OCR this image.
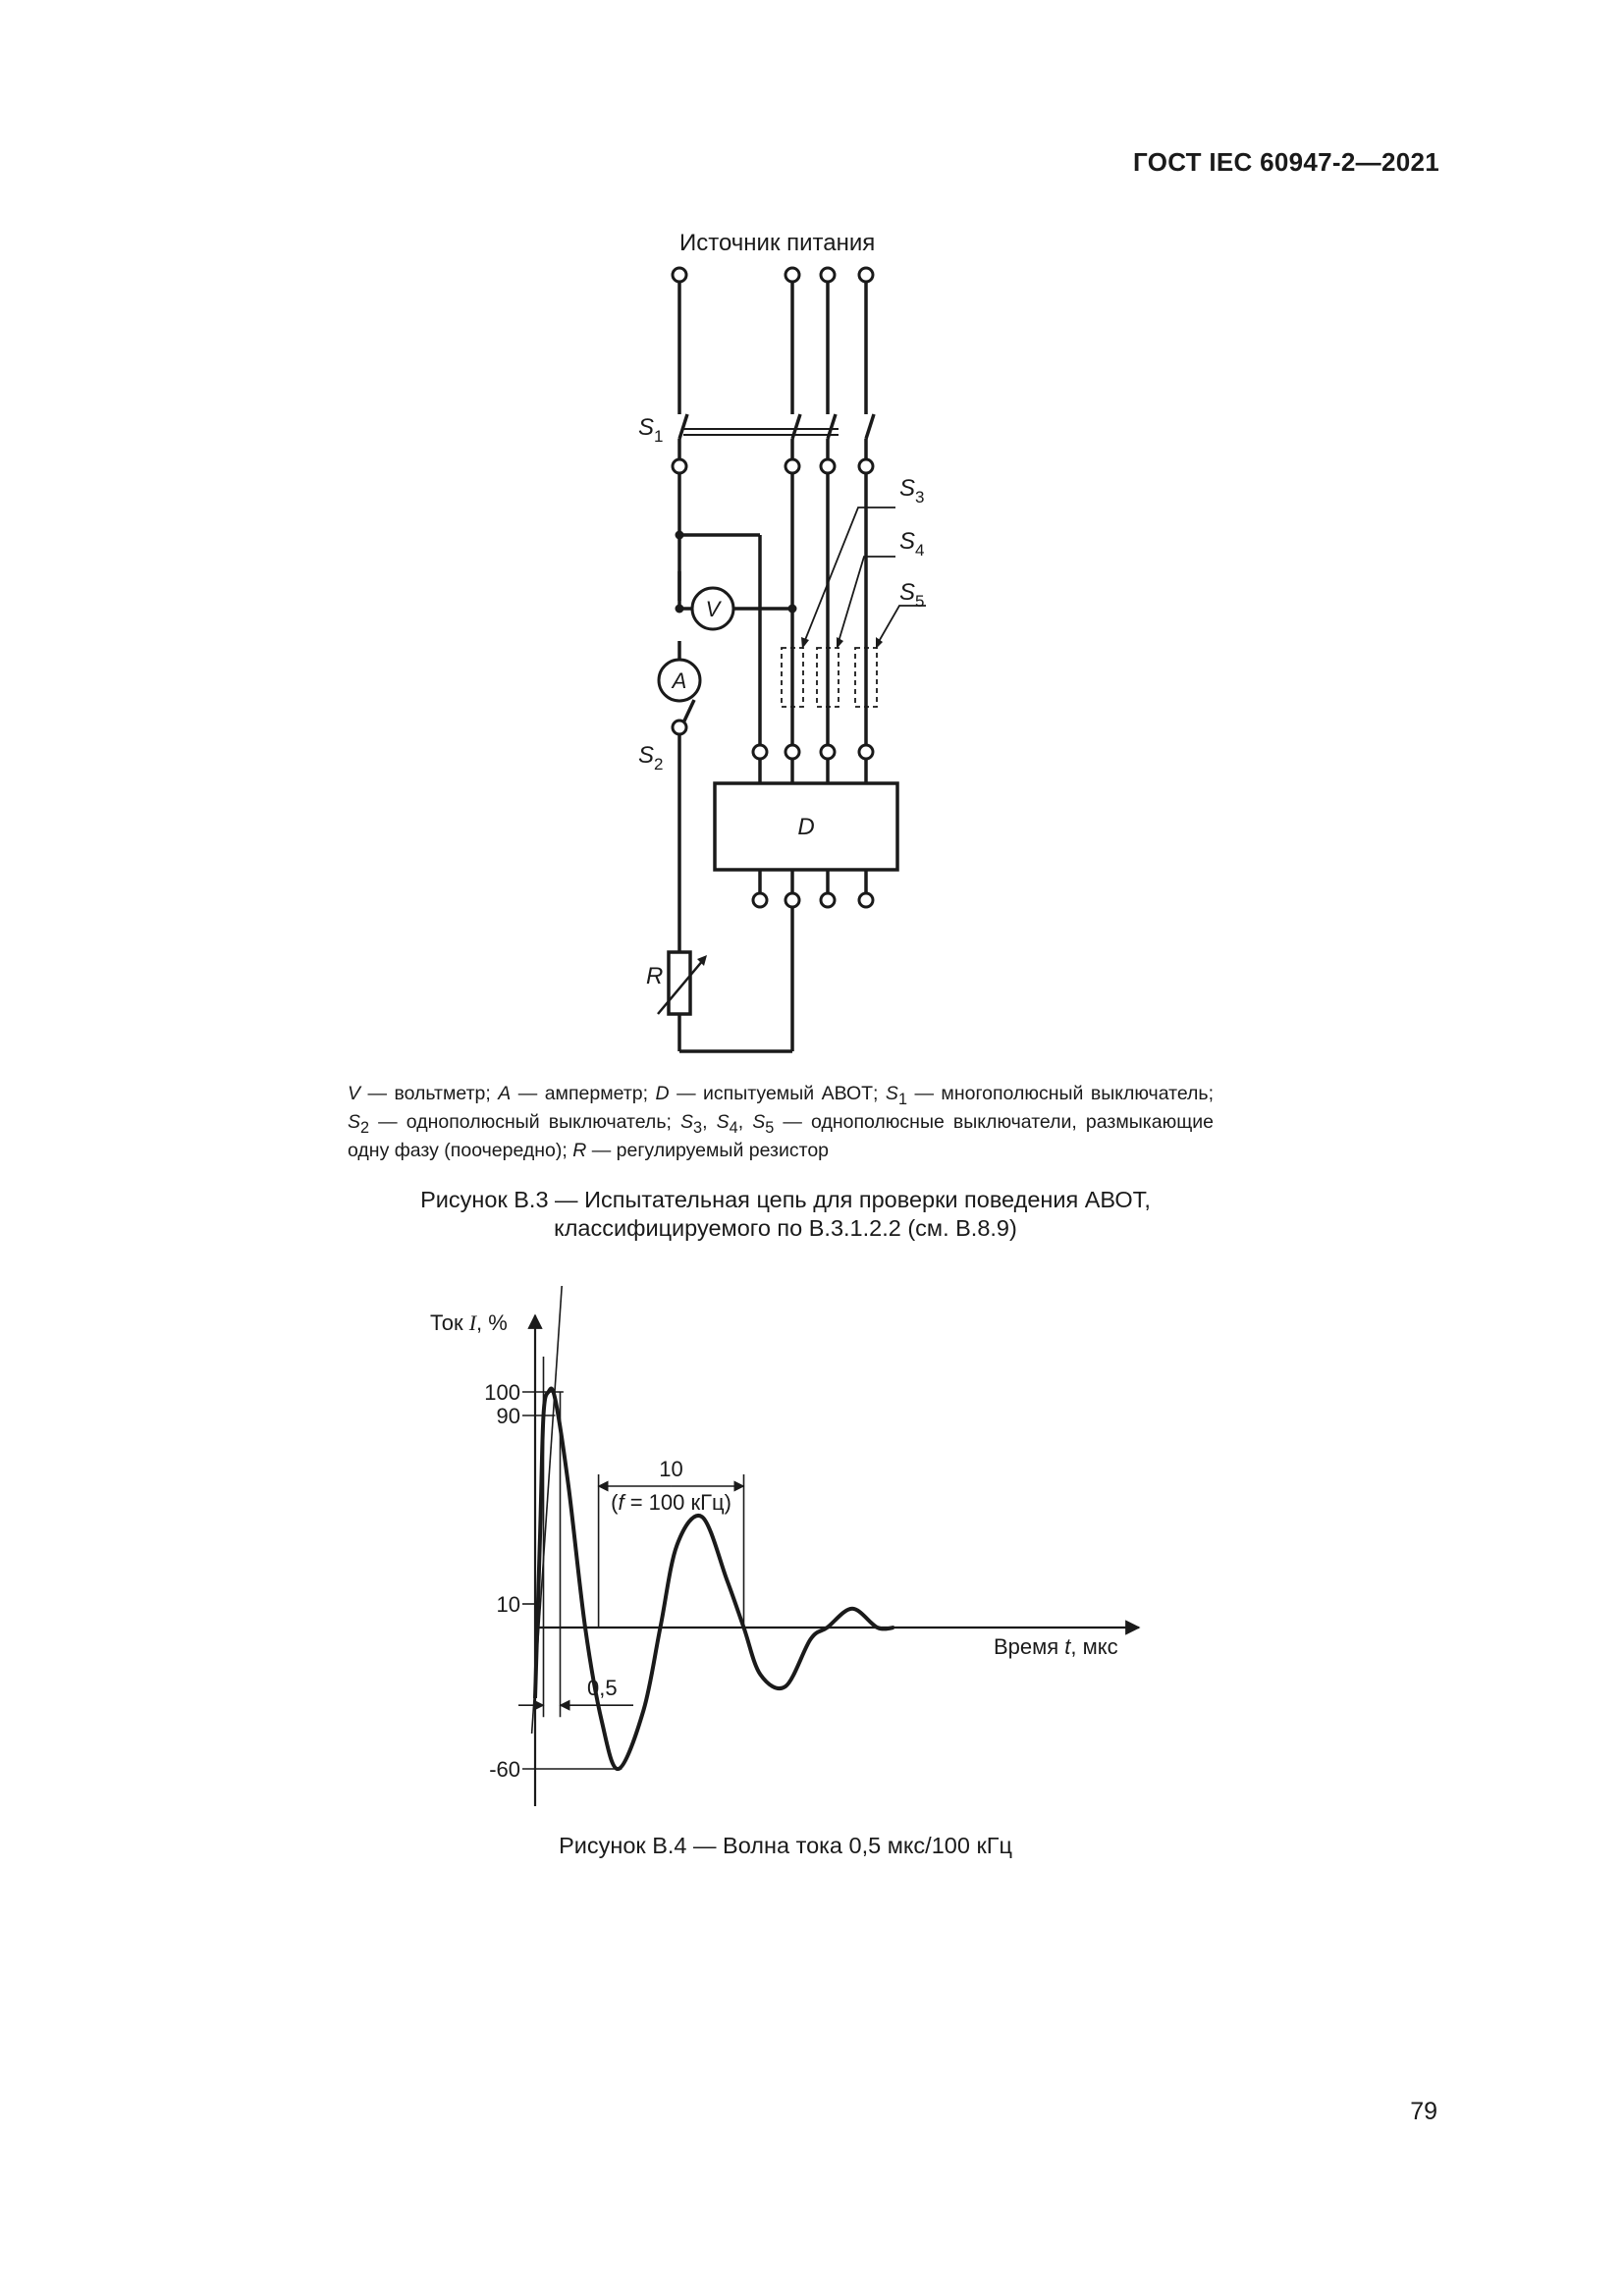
ГОСТ IEC 60947-2—2021
Источник питания
$S_1$
$S_2$
$S_3$
$S_4$
$S_5$
V
A
D
R
V — вольтметр; A — амперметр; D — испытуемый АВОТ; $S_1$ — многополюсный выключатель; $S_2$ — однополюсный выключатель; $S_3$, $S_4$, $S_5$ — однополюсные выключатели, размыкающие одну фазу (поочередно); R — регулируемый резистор
Рисунок B.3 — Испытательная цепь для проверки поведения АВОТ,
классифицируемого по B.3.1.2.2 (см. B.8.9)
Ток I, %
Время t, мкс
100
90
10
-60
0,5
10
(f = 100 кГц)
Рисунок B.4 — Волна тока 0,5 мкс/100 кГц
79
